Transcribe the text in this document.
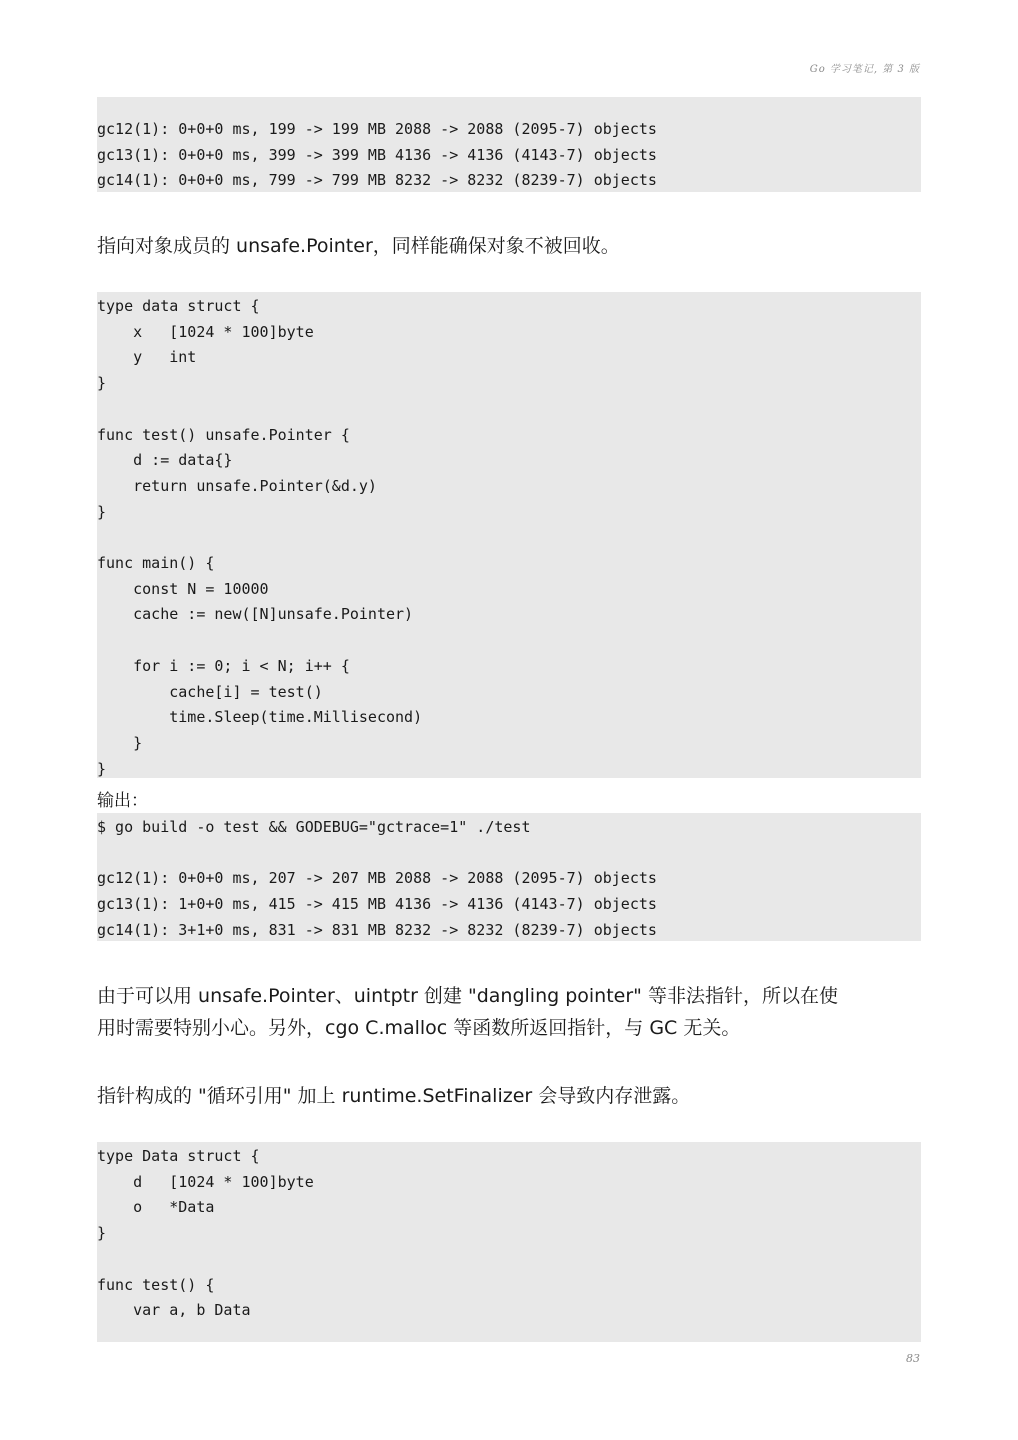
Go 学习笔记, 第 3 版
gc12(1): 0+0+0 ms, 199 -> 199 MB 2088 -> 2088 (2095-7) objects
gc13(1): 0+0+0 ms, 399 -> 399 MB 4136 -> 4136 (4143-7) objects
gc14(1): 0+0+0 ms, 799 -> 799 MB 8232 -> 8232 (8239-7) objects

指向对象成员的 unsafe.Pointer，同样能确保对象不被回收。

type data struct {
x   [1024 * 100]byte
y   int
}

func test() unsafe.Pointer {
d := data{}
return unsafe.Pointer(&d.y)
}

func main() {
const N = 10000
cache := new([N]unsafe.Pointer)

for i := 0; i < N; i++ {
cache[i] = test()
time.Sleep(time.Millisecond)
}
}

输出：

$ go build -o test && GODEBUG="gctrace=1" ./test

gc12(1): 0+0+0 ms, 207 -> 207 MB 2088 -> 2088 (2095-7) objects
gc13(1): 1+0+0 ms, 415 -> 415 MB 4136 -> 4136 (4143-7) objects
gc14(1): 3+1+0 ms, 831 -> 831 MB 8232 -> 8232 (8239-7) objects

由于可以用 unsafe.Pointer、uintptr 创建 "dangling pointer" 等非法指针，所以在使

用时需要特别小心。另外，cgo C.malloc 等函数所返回指针，与 GC 无关。

指针构成的 "循环引用" 加上 runtime.SetFinalizer 会导致内存泄露。

type Data struct {
d   [1024 * 100]byte
o   *Data
}

func test() {
var a, b Data
83
